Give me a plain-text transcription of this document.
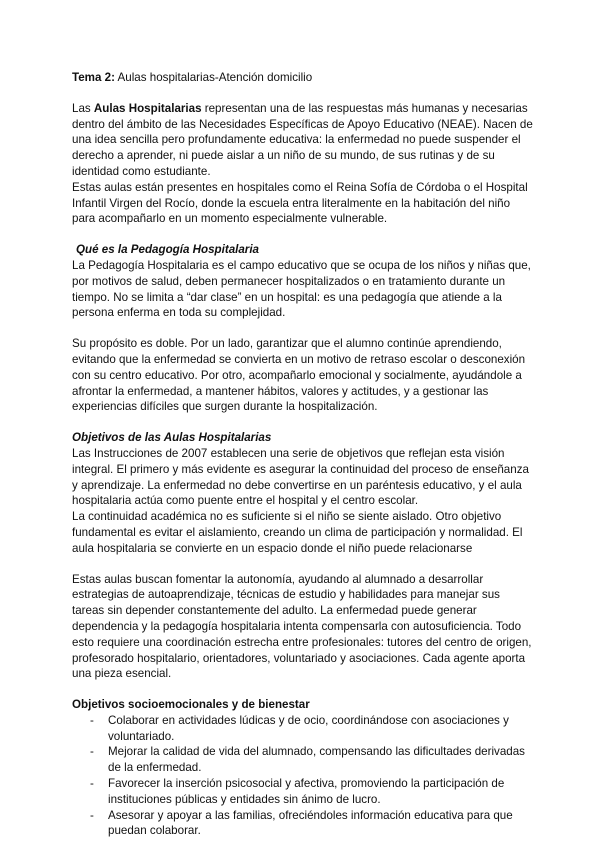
Tema 2: Aulas hospitalarias-Atención domicilio

Las Aulas Hospitalarias representan una de las respuestas más humanas y necesarias dentro del ámbito de las Necesidades Específicas de Apoyo Educativo (NEAE). Nacen de una idea sencilla pero profundamente educativa: la enfermedad no puede suspender el derecho a aprender, ni puede aislar a un niño de su mundo, de sus rutinas y de su identidad como estudiante.

Estas aulas están presentes en hospitales como el Reina Sofía de Córdoba o el Hospital Infantil Virgen del Rocío, donde la escuela entra literalmente en la habitación del niño para acompañarlo en un momento especialmente vulnerable.

Qué es la Pedagogía Hospitalaria

La Pedagogía Hospitalaria es el campo educativo que se ocupa de los niños y niñas que, por motivos de salud, deben permanecer hospitalizados o en tratamiento durante un tiempo. No se limita a “dar clase” en un hospital: es una pedagogía que atiende a la persona enferma en toda su complejidad.

Su propósito es doble. Por un lado, garantizar que el alumno continúe aprendiendo, evitando que la enfermedad se convierta en un motivo de retraso escolar o desconexión con su centro educativo. Por otro, acompañarlo emocional y socialmente, ayudándole a afrontar la enfermedad, a mantener hábitos, valores y actitudes, y a gestionar las experiencias difíciles que surgen durante la hospitalización.

Objetivos de las Aulas Hospitalarias

Las Instrucciones de 2007 establecen una serie de objetivos que reflejan esta visión integral. El primero y más evidente es asegurar la continuidad del proceso de enseñanza y aprendizaje. La enfermedad no debe convertirse en un paréntesis educativo, y el aula hospitalaria actúa como puente entre el hospital y el centro escolar.

La continuidad académica no es suficiente si el niño se siente aislado. Otro objetivo fundamental es evitar el aislamiento, creando un clima de participación y normalidad. El aula hospitalaria se convierte en un espacio donde el niño puede relacionarse

Estas aulas buscan fomentar la autonomía, ayudando al alumnado a desarrollar estrategias de autoaprendizaje, técnicas de estudio y habilidades para manejar sus tareas sin depender constantemente del adulto. La enfermedad puede generar dependencia y la pedagogía hospitalaria intenta compensarla con autosuficiencia. Todo esto requiere una coordinación estrecha entre profesionales: tutores del centro de origen, profesorado hospitalario, orientadores, voluntariado y asociaciones. Cada agente aporta una pieza esencial.

Objetivos socioemocionales y de bienestar

- Colaborar en actividades lúdicas y de ocio, coordinándose con asociaciones y voluntariado.
- Mejorar la calidad de vida del alumnado, compensando las dificultades derivadas de la enfermedad.
- Favorecer la inserción psicosocial y afectiva, promoviendo la participación de instituciones públicas y entidades sin ánimo de lucro.
- Asesorar y apoyar a las familias, ofreciéndoles información educativa para que puedan colaborar.
